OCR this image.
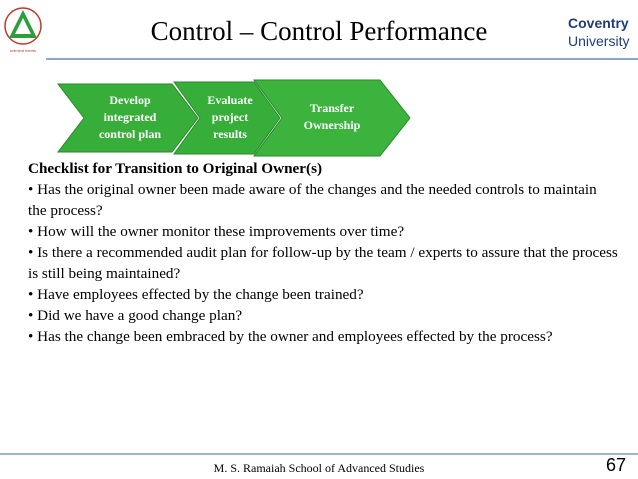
unimind merits
Control – Control Performance	Coventry
University
Develop
integrated
control plan
Evaluate
project
results
Transfer
Ownership
Checklist for Transition to Original Owner(s)

• Has the original owner been made aware of the changes and the needed controls to maintain the process?

• How will the owner monitor these improvements over time?

• Is there a recommended audit plan for follow-up by the team / experts to assure that the process is still being maintained?

• Have employees effected by the change been trained?

• Did we have a good change plan?

• Has the change been embraced by the owner and employees effected by the process?

M. S. Ramaiah School of Advanced Studies	67
